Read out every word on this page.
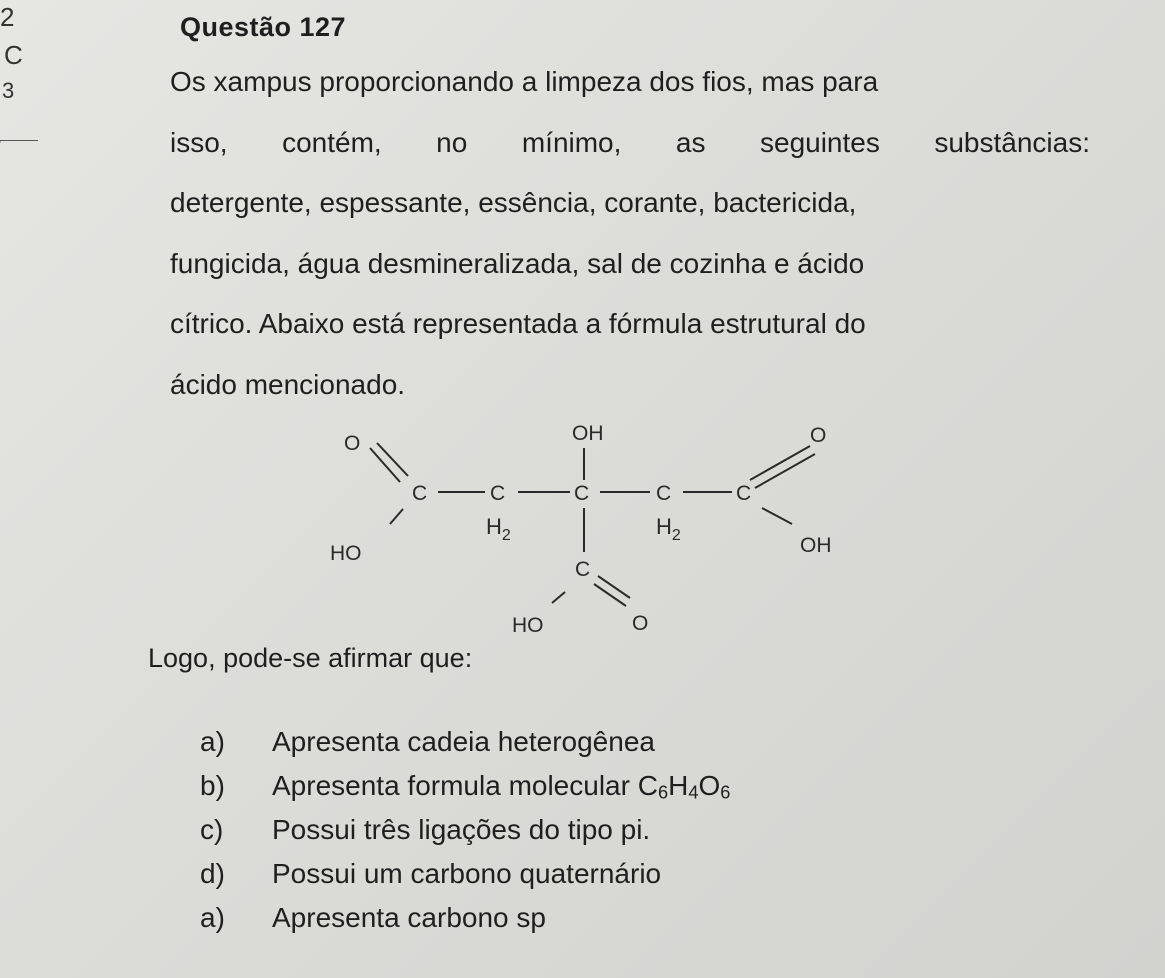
2
C
3
Questão 127
Os xampus proporcionando a limpeza dos fios, mas para
isso, contém, no mínimo, as seguintes substâncias:
detergente, espessante, essência, corante, bactericida,
fungicida, água desmineralizada, sal de cozinha e ácido
cítrico. Abaixo está representada a fórmula estrutural do
ácido mencionado.
O
C	C	C	C	C
OH	O
HO
$H_2$	$H_2$	OH
C
HO	O
Logo, pode-se afirmar que:
a) Apresenta cadeia heterogênea
b) Apresenta formula molecular $C_6H_4O_6$
c) Possui três ligações do tipo pi.
d) Possui um carbono quaternário
a) Apresenta carbono sp
